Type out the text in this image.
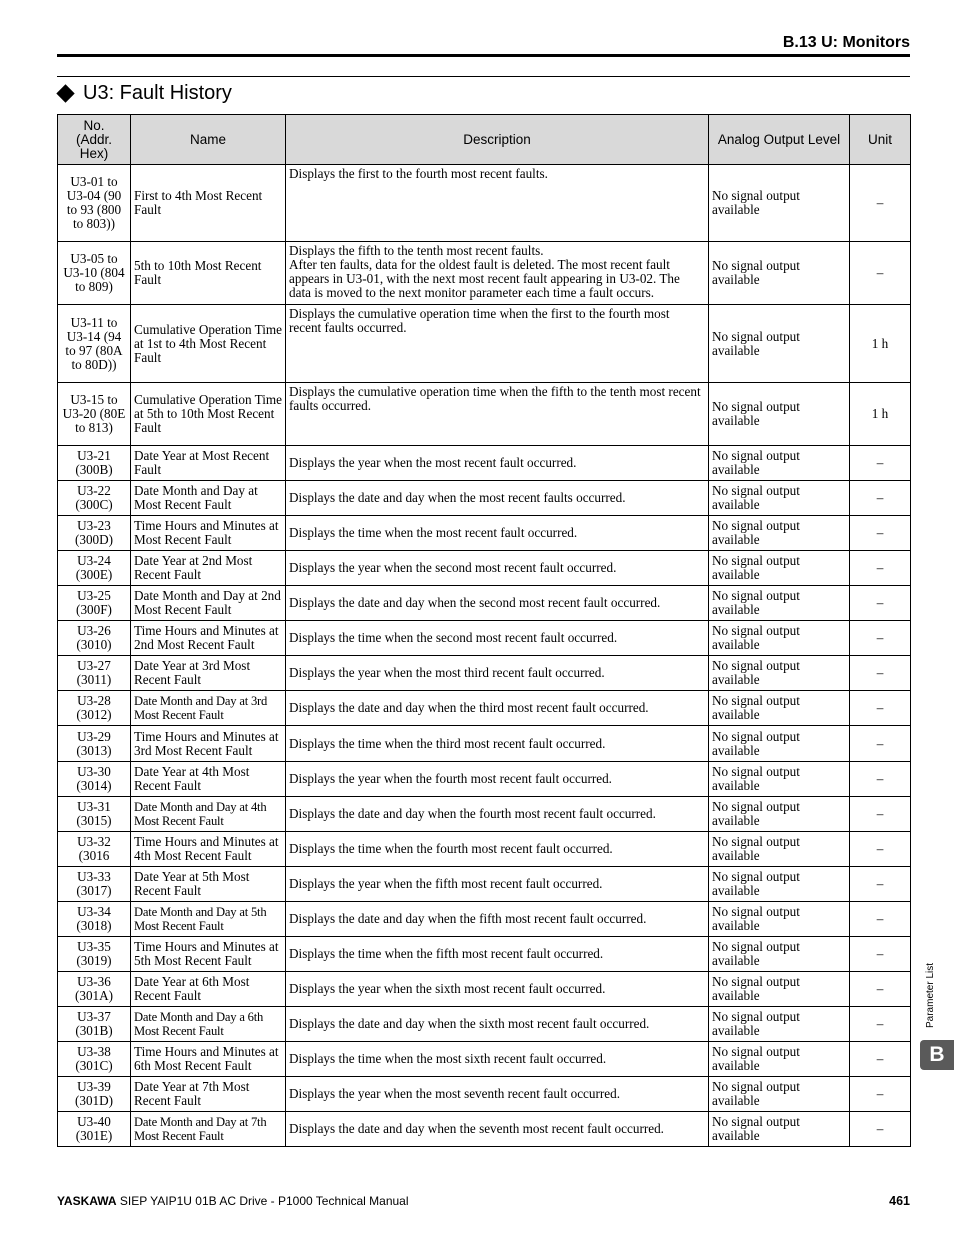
B.13 U: Monitors
U3: Fault History
No.
(Addr.
Hex)	Name	Description	Analog Output Level	Unit
U3-01 to U3-04 (90 to 93 (800 to 803))	First to 4th Most Recent Fault	Displays the first to the fourth most recent faults.	No signal output available	–
U3-05 to U3-10 (804 to 809)	5th to 10th Most Recent Fault	Displays the fifth to the tenth most recent faults.
After ten faults, data for the oldest fault is deleted. The most recent fault appears in U3-01, with the next most recent fault appearing in U3-02. The data is moved to the next monitor parameter each time a fault occurs.	No signal output available	–
U3-11 to U3-14 (94 to 97 (80A to 80D))	Cumulative Operation Time at 1st to 4th Most Recent Fault	Displays the cumulative operation time when the first to the fourth most recent faults occurred.	No signal output available	1 h
U3-15 to U3-20 (80E to 813)	Cumulative Operation Time at 5th to 10th Most Recent Fault	Displays the cumulative operation time when the fifth to the tenth most recent faults occurred.	No signal output available	1 h
U3-21 (300B)	Date Year at Most Recent Fault	Displays the year when the most recent fault occurred.	No signal output available	–
U3-22 (300C)	Date Month and Day at Most Recent Fault	Displays the date and day when the most recent faults occurred.	No signal output available	–
U3-23 (300D)	Time Hours and Minutes at Most Recent Fault	Displays the time when the most recent fault occurred.	No signal output available	–
U3-24 (300E)	Date Year at 2nd Most Recent Fault	Displays the year when the second most recent fault occurred.	No signal output available	–
U3-25 (300F)	Date Month and Day at 2nd Most Recent Fault	Displays the date and day when the second most recent fault occurred.	No signal output available	–
U3-26 (3010)	Time Hours and Minutes at 2nd Most Recent Fault	Displays the time when the second most recent fault occurred.	No signal output available	–
U3-27 (3011)	Date Year at 3rd Most Recent Fault	Displays the year when the most third recent fault occurred.	No signal output available	–
U3-28 (3012)	Date Month and Day at 3rd Most Recent Fault	Displays the date and day when the third most recent fault occurred.	No signal output available	–
U3-29 (3013)	Time Hours and Minutes at 3rd Most Recent Fault	Displays the time when the third most recent fault occurred.	No signal output available	–
U3-30 (3014)	Date Year at 4th Most Recent Fault	Displays the year when the fourth most recent fault occurred.	No signal output available	–
U3-31 (3015)	Date Month and Day at 4th Most Recent Fault	Displays the date and day when the fourth most recent fault occurred.	No signal output available	–
U3-32 (3016	Time Hours and Minutes at 4th Most Recent Fault	Displays the time when the fourth most recent fault occurred.	No signal output available	–
U3-33 (3017)	Date Year at 5th Most Recent Fault	Displays the year when the fifth most recent fault occurred.	No signal output available	–
U3-34 (3018)	Date Month and Day at 5th Most Recent Fault	Displays the date and day when the fifth most recent fault occurred.	No signal output available	–
U3-35 (3019)	Time Hours and Minutes at 5th Most Recent Fault	Displays the time when the fifth most recent fault occurred.	No signal output available	–
U3-36 (301A)	Date Year at 6th Most Recent Fault	Displays the year when the sixth most recent fault occurred.	No signal output available	–
U3-37 (301B)	Date Month and Day a 6th Most Recent Fault	Displays the date and day when the sixth most recent fault occurred.	No signal output available	–
U3-38 (301C)	Time Hours and Minutes at 6th Most Recent Fault	Displays the time when the most sixth recent fault occurred.	No signal output available	–
U3-39 (301D)	Date Year at 7th Most Recent Fault	Displays the year when the most seventh recent fault occurred.	No signal output available	–
U3-40 (301E)	Date Month and Day at 7th Most Recent Fault	Displays the date and day when the seventh most recent fault occurred.	No signal output available	–
YASKAWA SIEP YAIP1U 01B AC Drive - P1000 Technical Manual	461
Parameter List
B
